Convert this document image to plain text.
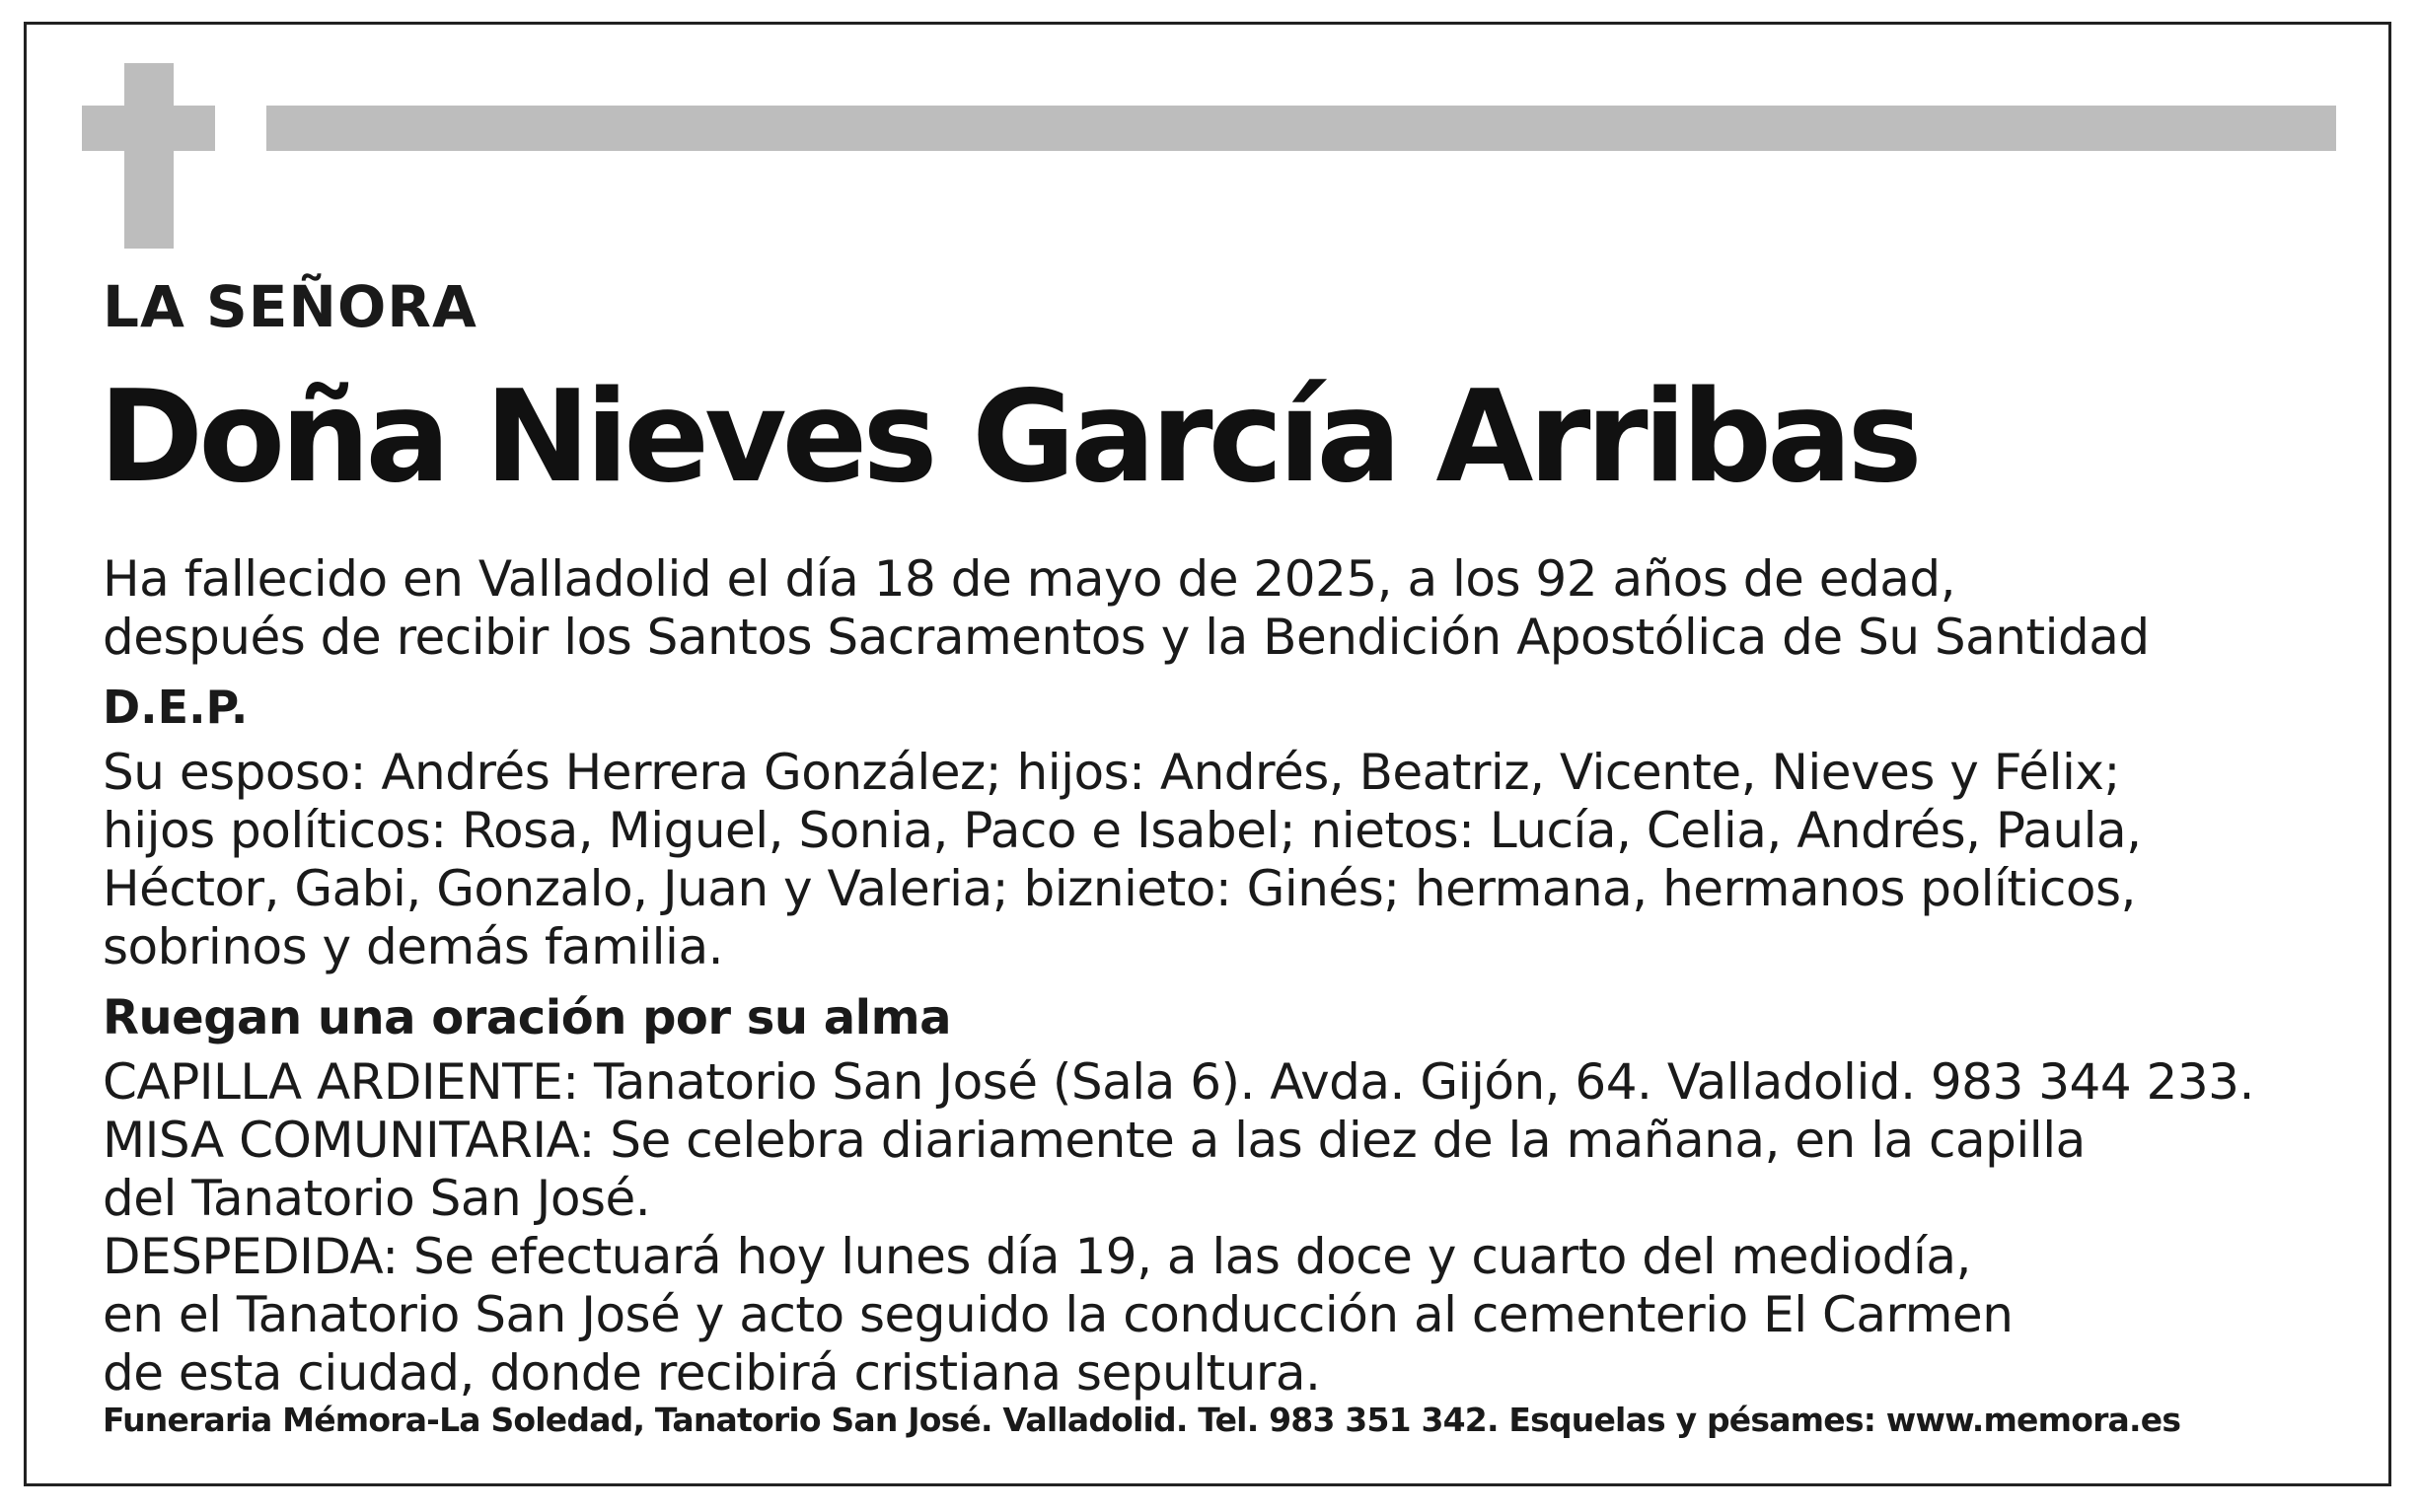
LA SEÑORA
Doña Nieves García Arribas
Ha fallecido en Valladolid el día 18 de mayo de 2025, a los 92 años de edad,
después de recibir los Santos Sacramentos y la Bendición Apostólica de Su Santidad
D.E.P.
Su esposo: Andrés Herrera González; hijos: Andrés, Beatriz, Vicente, Nieves y Félix;
hijos políticos: Rosa, Miguel, Sonia, Paco e Isabel; nietos: Lucía, Celia, Andrés, Paula,
Héctor, Gabi, Gonzalo, Juan y Valeria; biznieto: Ginés; hermana, hermanos políticos,
sobrinos y demás familia.
Ruegan una oración por su alma
CAPILLA ARDIENTE: Tanatorio San José (Sala 6). Avda. Gijón, 64. Valladolid. 983 344 233.
MISA COMUNITARIA: Se celebra diariamente a las diez de la mañana, en la capilla
del Tanatorio San José.
DESPEDIDA: Se efectuará hoy lunes día 19, a las doce y cuarto del mediodía,
en el Tanatorio San José y acto seguido la conducción al cementerio El Carmen
de esta ciudad, donde recibirá cristiana sepultura.
Funeraria Mémora-La Soledad, Tanatorio San José. Valladolid. Tel. 983 351 342. Esquelas y pésames: www.memora.es
